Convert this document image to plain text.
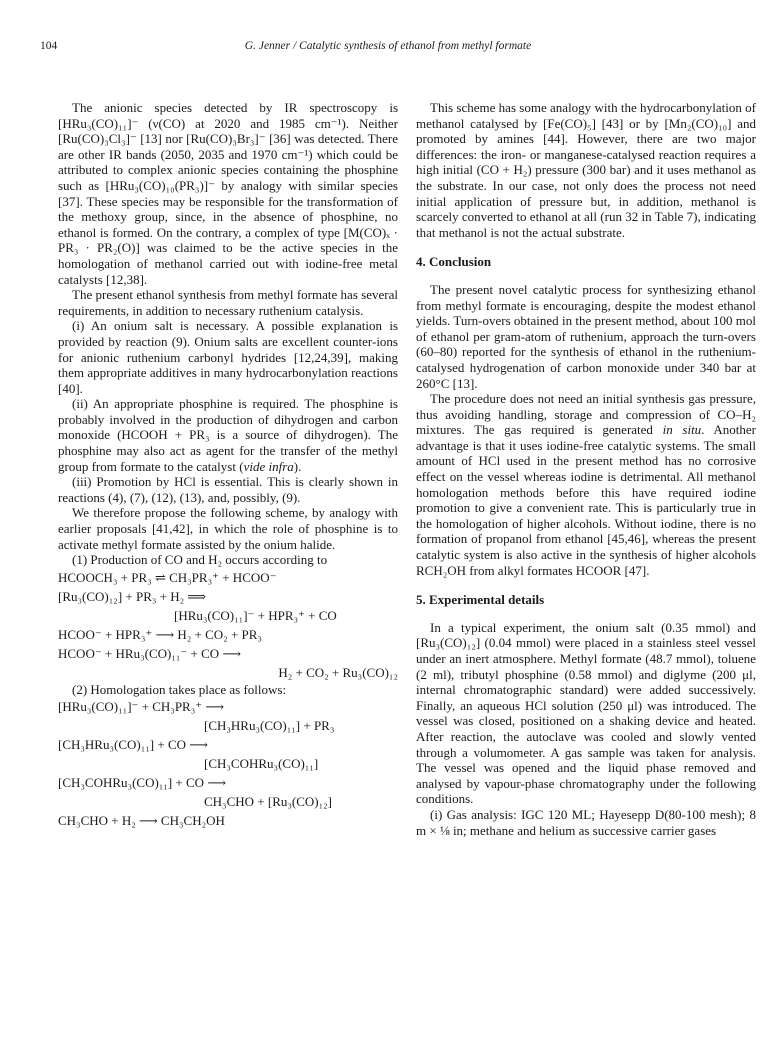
104	G. Jenner / Catalytic synthesis of ethanol from methyl formate

The anionic species detected by IR spectroscopy is [HRu₃(CO)₁₁]⁻ (ν(CO) at 2020 and 1985 cm⁻¹). Neither [Ru(CO)₃Cl₃]⁻ [13] nor [Ru(CO)₃Br₃]⁻ [36] was detected. There are other IR bands (2050, 2035 and 1970 cm⁻¹) which could be attributed to complex anionic species containing the phosphine such as [HRu₃(CO)₁₀(PR₃)]⁻ by analogy with similar species [37]. These species may be responsible for the transformation of the methoxy group, since, in the absence of phosphine, no ethanol is formed. On the contrary, a complex of type [M(CO)ₓ · PR₃ · PR₂(O)] was claimed to be the active species in the homologation of methanol carried out with iodine-free metal catalysts [12,38].

The present ethanol synthesis from methyl formate has several requirements, in addition to necessary ruthenium catalysis.

(i) An onium salt is necessary. A possible explanation is provided by reaction (9). Onium salts are excellent counter-ions for anionic ruthenium carbonyl hydrides [12,24,39], making them appropriate additives in many hydrocarbonylation reactions [40].

(ii) An appropriate phosphine is required. The phosphine is probably involved in the production of dihydrogen and carbon monoxide (HCOOH + PR₃ is a source of dihydrogen). The phosphine may also act as agent for the transfer of the methyl group from formate to the catalyst (vide infra).

(iii) Promotion by HCl is essential. This is clearly shown in reactions (4), (7), (12), (13), and, possibly, (9).

We therefore propose the following scheme, by analogy with earlier proposals [41,42], in which the role of phosphine is to activate methyl formate assisted by the onium halide.

(1) Production of CO and H₂ occurs according to

HCOOCH₃ + PR₃ ⇌ CH₃PR₃⁺ + HCOO⁻
[Ru₃(CO)₁₂] + PR₃ + H₂ ⟹
[HRu₃(CO)₁₁]⁻ + HPR₃⁺ + CO
HCOO⁻ + HPR₃⁺ ⟶ H₂ + CO₂ + PR₃
HCOO⁻ + HRu₃(CO)₁₁⁻ + CO ⟶
H₂ + CO₂ + Ru₃(CO)₁₂

(2) Homologation takes place as follows:

[HRu₃(CO)₁₁]⁻ + CH₃PR₃⁺ ⟶
[CH₃HRu₃(CO)₁₁] + PR₃
[CH₃HRu₃(CO)₁₁] + CO ⟶
[CH₃COHRu₃(CO)₁₁]
[CH₃COHRu₃(CO)₁₁] + CO ⟶
CH₃CHO + [Ru₃(CO)₁₂]
CH₃CHO + H₂ ⟶ CH₃CH₂OH

This scheme has some analogy with the hydrocarbonylation of methanol catalysed by [Fe(CO)₅] [43] or by [Mn₂(CO)₁₀] and promoted by amines [44]. However, there are two major differences: the iron- or manganese-catalysed reaction requires a high initial (CO + H₂) pressure (300 bar) and it uses methanol as the substrate. In our case, not only does the process not need initial application of pressure but, in addition, methanol is scarcely converted to ethanol at all (run 32 in Table 7), indicating that methanol is not the actual substrate.

4. Conclusion

The present novel catalytic process for synthesizing ethanol from methyl formate is encouraging, despite the modest ethanol yields. Turn-overs obtained in the present method, about 100 mol of ethanol per gram-atom of ruthenium, approach the turn-overs (60–80) reported for the synthesis of ethanol in the ruthenium-catalysed hydrogenation of carbon monoxide under 340 bar at 260°C [13].

The procedure does not need an initial synthesis gas pressure, thus avoiding handling, storage and compression of CO–H₂ mixtures. The gas required is generated in situ. Another advantage is that it uses iodine-free catalytic systems. The small amount of HCl used in the present method has no corrosive effect on the vessel whereas iodine is detrimental. All methanol homologation methods before this have required iodine promotion to give a convenient rate. This is particularly true in the homologation of higher alcohols. Without iodine, there is no formation of propanol from ethanol [45,46], whereas the present catalytic system is also active in the synthesis of higher alcohols RCH₂OH from alkyl formates HCOOR [47].

5. Experimental details

In a typical experiment, the onium salt (0.35 mmol) and [Ru₃(CO)₁₂] (0.04 mmol) were placed in a stainless steel vessel under an inert atmosphere. Methyl formate (48.7 mmol), toluene (2 ml), tributyl phosphine (0.58 mmol) and diglyme (200 μl, internal chromatographic standard) were added successively. Finally, an aqueous HCl solution (250 μl) was introduced. The vessel was closed, positioned on a shaking device and heated. After reaction, the autoclave was cooled and slowly vented through a volumometer. A gas sample was taken for analysis. The vessel was opened and the liquid phase removed and analysed by vapour-phase chromatography under the following conditions.

(i) Gas analysis: IGC 120 ML; Hayesepp D(80-100 mesh); 8 m × ⅛ in; methane and helium as successive carrier gases
